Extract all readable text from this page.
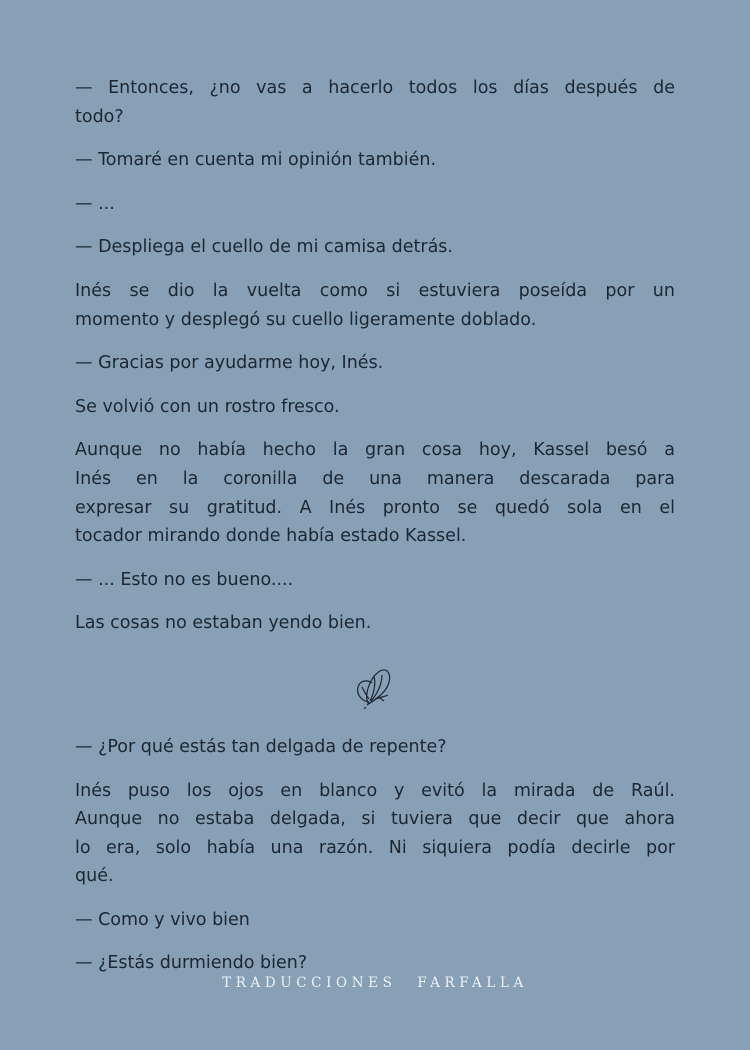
— Entonces, ¿no vas a hacerlo todos los días después de
todo?
— Tomaré en cuenta mi opinión también.
— ...
— Despliega el cuello de mi camisa detrás.
Inés se dio la vuelta como si estuviera poseída por un
momento y desplegó su cuello ligeramente doblado.
— Gracias por ayudarme hoy, Inés.
Se volvió con un rostro fresco.
Aunque no había hecho la gran cosa hoy, Kassel besó a
Inés en la coronilla de una manera descarada para
expresar su gratitud. A Inés pronto se quedó sola en el
tocador mirando donde había estado Kassel.
— ... Esto no es bueno....
Las cosas no estaban yendo bien.
— ¿Por qué estás tan delgada de repente?
Inés puso los ojos en blanco y evitó la mirada de Raúl.
Aunque no estaba delgada, si tuviera que decir que ahora
lo era, solo había una razón. Ni siquiera podía decirle por
qué.
— Como y vivo bien
— ¿Estás durmiendo bien?
TRADUCCIONES FARFALLA
